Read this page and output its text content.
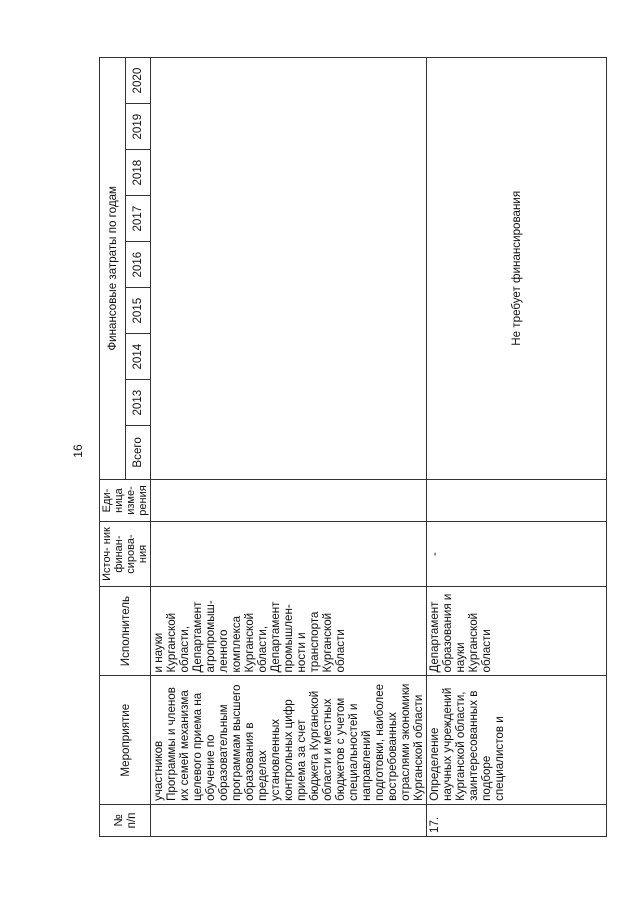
16
№ п/п	Мероприятие	Исполнитель	Источ- ник финан- сирова- ния	Еди- ница изме- рения	Финансовые затраты по годам								
					Всего	2013	2014	2015	2016	2017	2018	2019	2020
	участников Программы и членов их семей механизма целевого приема на обучение по образовательным программам высшего образования в пределах установленных контрольных цифр приема за счет бюджета Курганской области и местных бюджетов с учетом специальностей и направлений подготовки, наиболее востребованных отраслями экономики Курганской области	и науки Курганской области, Департамент агропромыш- ленного комплекса Курганской области, Департамент промышлен- ности и транспорта Курганской области											
17.	Определение научных учреждений Курганской области, заинтересованных в подборе специалистов и	Департамент образования и науки Курганской области	-		Не требует финансирования								
